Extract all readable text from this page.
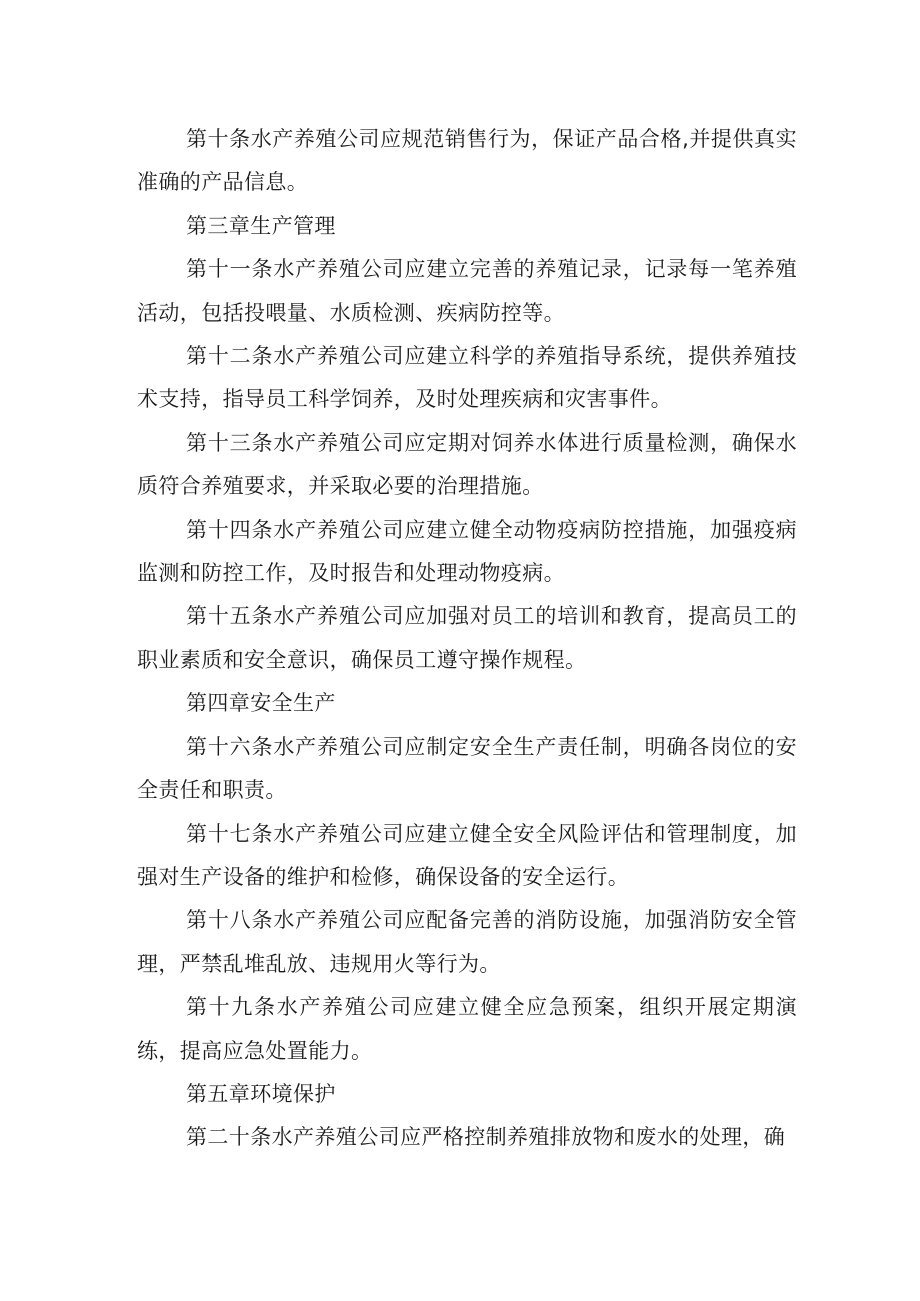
第十条水产养殖公司应规范销售行为，保证产品合格,并提供真实准确的产品信息。

第三章生产管理

第十一条水产养殖公司应建立完善的养殖记录，记录每一笔养殖活动，包括投喂量、水质检测、疾病防控等。

第十二条水产养殖公司应建立科学的养殖指导系统，提供养殖技术支持，指导员工科学饲养，及时处理疾病和灾害事件。

第十三条水产养殖公司应定期对饲养水体进行质量检测，确保水质符合养殖要求，并采取必要的治理措施。

第十四条水产养殖公司应建立健全动物疫病防控措施，加强疫病监测和防控工作，及时报告和处理动物疫病。

第十五条水产养殖公司应加强对员工的培训和教育，提高员工的职业素质和安全意识，确保员工遵守操作规程。

第四章安全生产

第十六条水产养殖公司应制定安全生产责任制，明确各岗位的安全责任和职责。

第十七条水产养殖公司应建立健全安全风险评估和管理制度，加强对生产设备的维护和检修，确保设备的安全运行。

第十八条水产养殖公司应配备完善的消防设施，加强消防安全管理，严禁乱堆乱放、违规用火等行为。

第十九条水产养殖公司应建立健全应急预案，组织开展定期演练，提高应急处置能力。

第五章环境保护

第二十条水产养殖公司应严格控制养殖排放物和废水的处理，确
